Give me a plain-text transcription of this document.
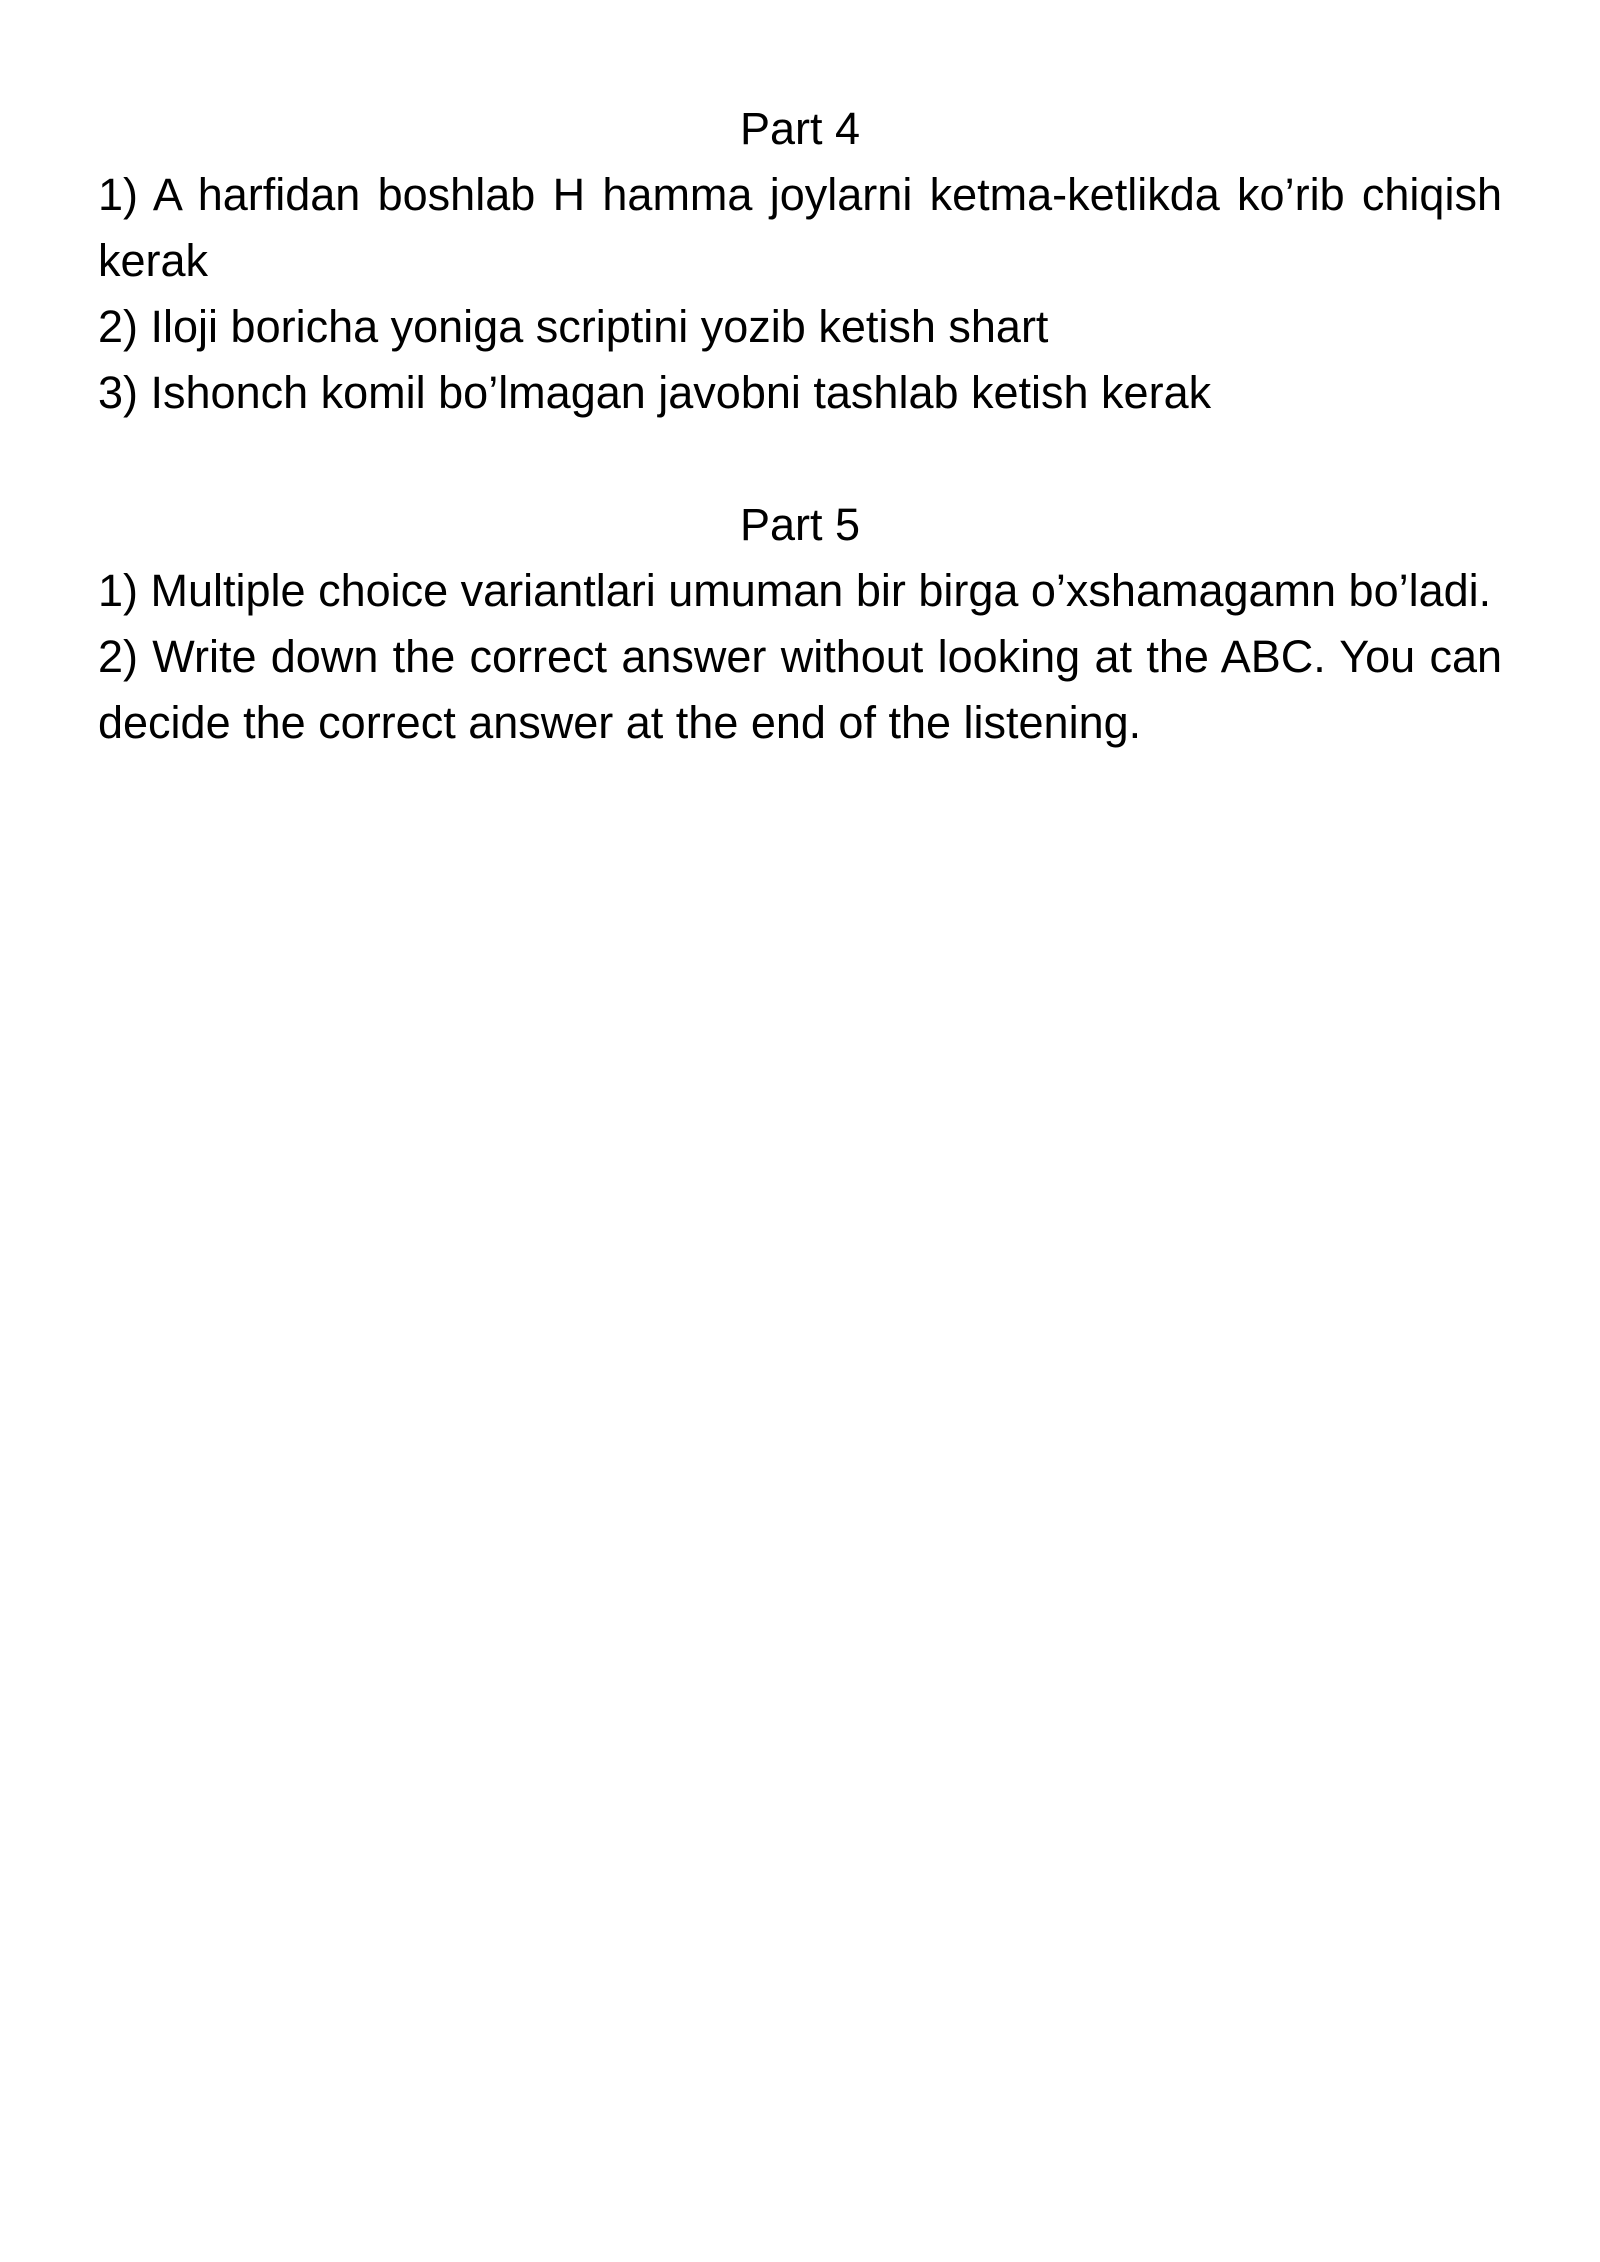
Part 4

1) A harfidan boshlab H hamma joylarni ketma-ketlikda ko’rib chiqish kerak

2) Iloji boricha yoniga scriptini yozib ketish shart

3) Ishonch komil bo’lmagan javobni tashlab ketish kerak

Part 5

1) Multiple choice variantlari umuman bir birga o’xshamagamn bo’ladi.

2) Write down the correct answer without looking at the ABC. You can decide the correct answer at the end of the listening.
